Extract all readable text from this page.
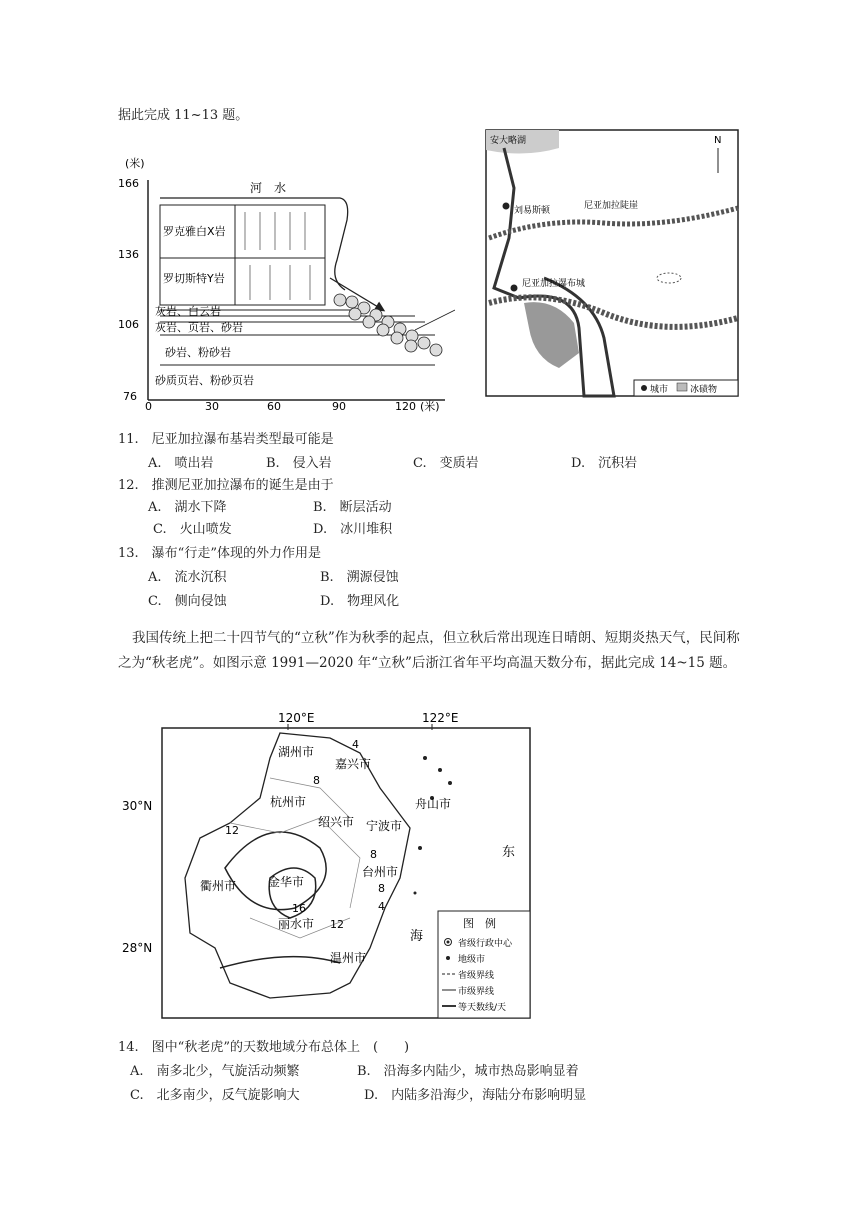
据此完成 11~13 题。
(米)
166
136
106
76
0	30	60	90	120 (米)
河　水
罗克雅白X岩
罗切斯特Y岩
灰岩、白云岩
灰岩、页岩、砂岩
砂岩、粉砂岩
砂质页岩、粉砂页岩
安大略湖	N
刘易斯顿	尼亚加拉陡崖
尼亚加拉瀑布城
城市 冰碛物
11.　尼亚加拉瀑布基岩类型最可能是
A.　喷出岩	B.　侵入岩	C.　变质岩	D.　沉积岩
12.　推测尼亚加拉瀑布的诞生是由于
A.　湖水下降	B.　断层活动
C.　火山喷发	D.　冰川堆积
13.　瀑布“行走”体现的外力作用是
A.　流水沉积	B.　溯源侵蚀
C.　侧向侵蚀	D.　物理风化
我国传统上把二十四节气的“立秋”作为秋季的起点，但立秋后常出现连日晴朗、短期炎热天气，民间称之为“秋老虎”。如图示意 1991—2020 年“立秋”后浙江省年平均高温天数分布，据此完成 14~15 题。
120°E	122°E
30°N
28°N
湖州市
嘉兴市
杭州市
绍兴市 宁波市
舟山市
衢州市	金华市
台州市
丽水市
温州市
东
海
4
8
12
16
8
12
4
8
图　例
省级行政中心
地级市
省级界线
市级界线
等天数线/天
14.　图中“秋老虎”的天数地域分布总体上　(　　)
A.　南多北少，气旋活动频繁	B.　沿海多内陆少，城市热岛影响显着
C.　北多南少，反气旋影响大	D.　内陆多沿海少，海陆分布影响明显
